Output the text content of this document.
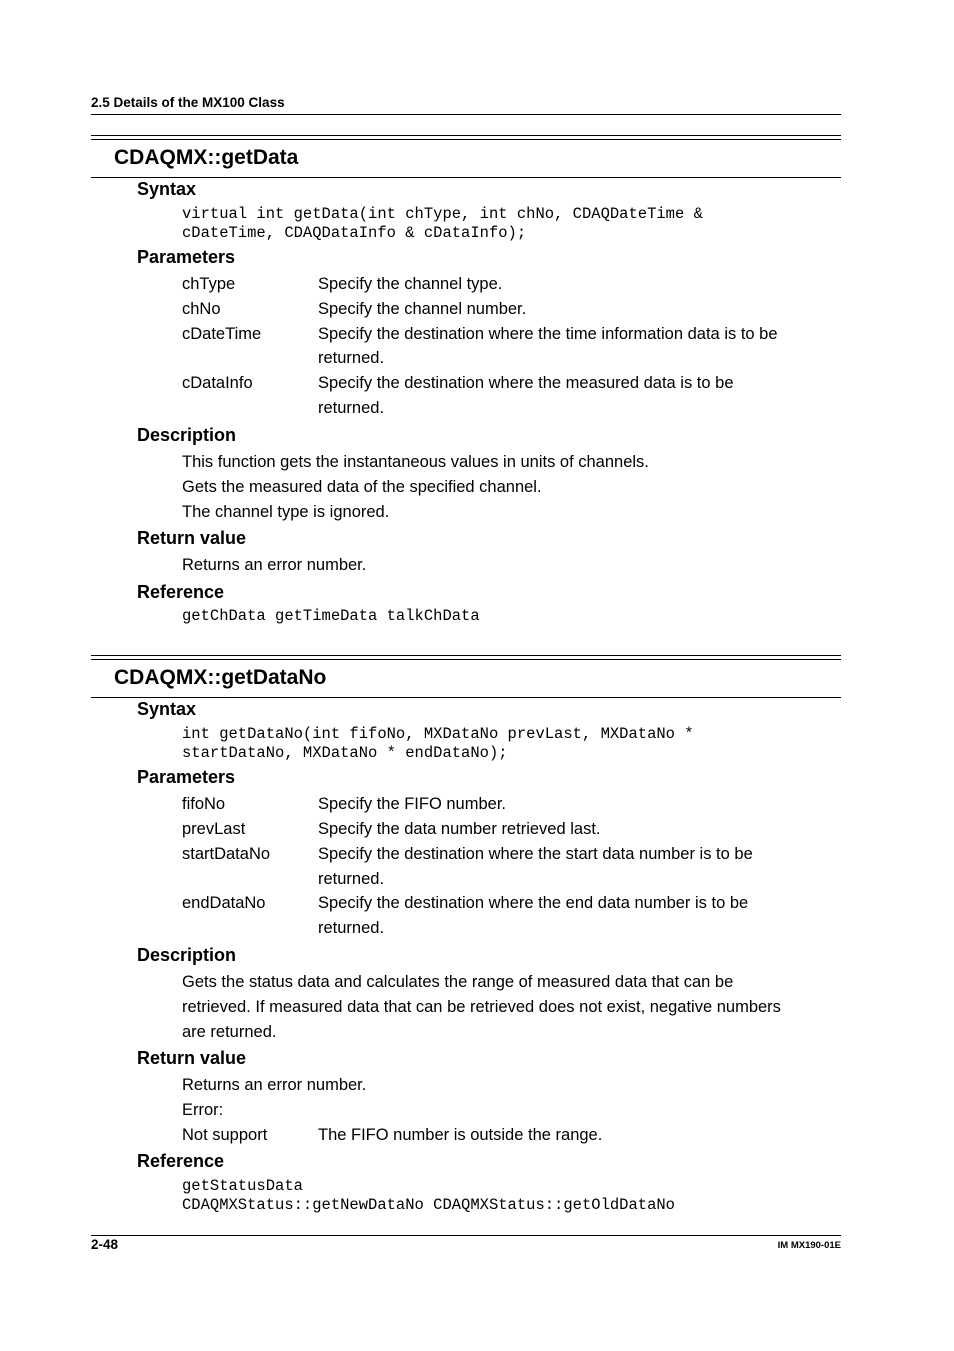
2.5 Details of the MX100 Class
CDAQMX::getData
Syntax
virtual int getData(int chType, int chNo, CDAQDateTime &
cDateTime, CDAQDataInfo & cDataInfo);
Parameters
chType	Specify the channel type.
chNo	Specify the channel number.
cDateTime	Specify the destination where the time information data is to be
returned.
cDataInfo	Specify the destination where the measured data is to be
returned.
Description
This function gets the instantaneous values in units of channels.
Gets the measured data of the specified channel.
The channel type is ignored.
Return value
Returns an error number.
Reference
getChData getTimeData talkChData
CDAQMX::getDataNo
Syntax
int getDataNo(int fifoNo, MXDataNo prevLast, MXDataNo *
startDataNo, MXDataNo * endDataNo);
Parameters
fifoNo	Specify the FIFO number.
prevLast	Specify the data number retrieved last.
startDataNo	Specify the destination where the start data number is to be
returned.
endDataNo	Specify the destination where the end data number is to be
returned.
Description
Gets the status data and calculates the range of measured data that can be
retrieved. If measured data that can be retrieved does not exist, negative numbers
are returned.
Return value
Returns an error number.
Error:
Not support	The FIFO number is outside the range.
Reference
getStatusData
CDAQMXStatus::getNewDataNo CDAQMXStatus::getOldDataNo
2-48	IM MX190-01E
